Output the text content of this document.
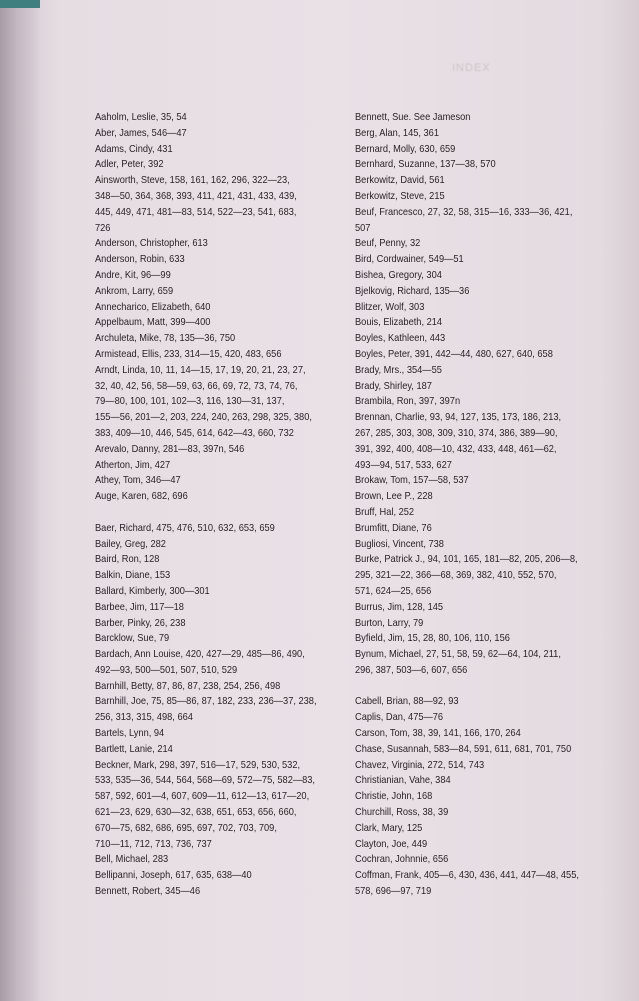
INDEX
Aaholm, Leslie, 35, 54
Aber, James, 546—47
Adams, Cindy, 431
Adler, Peter, 392
Ainsworth, Steve, 158, 161, 162, 296, 322—23,
348—50, 364, 368, 393, 411, 421, 431, 433, 439,
445, 449, 471, 481—83, 514, 522—23, 541, 683,
726
Anderson, Christopher, 613
Anderson, Robin, 633
Andre, Kit, 96—99
Ankrom, Larry, 659
Annecharico, Elizabeth, 640
Appelbaum, Matt, 399—400
Archuleta, Mike, 78, 135—36, 750
Armistead, Ellis, 233, 314—15, 420, 483, 656
Arndt, Linda, 10, 11, 14—15, 17, 19, 20, 21, 23, 27,
32, 40, 42, 56, 58—59, 63, 66, 69, 72, 73, 74, 76,
79—80, 100, 101, 102—3, 116, 130—31, 137,
155—56, 201—2, 203, 224, 240, 263, 298, 325, 380,
383, 409—10, 446, 545, 614, 642—43, 660, 732
Arevalo, Danny, 281—83, 397n, 546
Atherton, Jim, 427
Athey, Tom, 346—47
Auge, Karen, 682, 696
Baer, Richard, 475, 476, 510, 632, 653, 659
Bailey, Greg, 282
Baird, Ron, 128
Balkin, Diane, 153
Ballard, Kimberly, 300—301
Barbee, Jim, 117—18
Barber, Pinky, 26, 238
Barcklow, Sue, 79
Bardach, Ann Louise, 420, 427—29, 485—86, 490,
492—93, 500—501, 507, 510, 529
Barnhill, Betty, 87, 86, 87, 238, 254, 256, 498
Barnhill, Joe, 75, 85—86, 87, 182, 233, 236—37, 238,
256, 313, 315, 498, 664
Bartels, Lynn, 94
Bartlett, Lanie, 214
Beckner, Mark, 298, 397, 516—17, 529, 530, 532,
533, 535—36, 544, 564, 568—69, 572—75, 582—83,
587, 592, 601—4, 607, 609—11, 612—13, 617—20,
621—23, 629, 630—32, 638, 651, 653, 656, 660,
670—75, 682, 686, 695, 697, 702, 703, 709,
710—11, 712, 713, 736, 737
Bell, Michael, 283
Bellipanni, Joseph, 617, 635, 638—40
Bennett, Robert, 345—46
Bennett, Sue. See Jameson
Berg, Alan, 145, 361
Bernard, Molly, 630, 659
Bernhard, Suzanne, 137—38, 570
Berkowitz, David, 561
Berkowitz, Steve, 215
Beuf, Francesco, 27, 32, 58, 315—16, 333—36, 421,
507
Beuf, Penny, 32
Bird, Cordwainer, 549—51
Bishea, Gregory, 304
Bjelkovig, Richard, 135—36
Blitzer, Wolf, 303
Bouis, Elizabeth, 214
Boyles, Kathleen, 443
Boyles, Peter, 391, 442—44, 480, 627, 640, 658
Brady, Mrs., 354—55
Brady, Shirley, 187
Brambila, Ron, 397, 397n
Brennan, Charlie, 93, 94, 127, 135, 173, 186, 213,
267, 285, 303, 308, 309, 310, 374, 386, 389—90,
391, 392, 400, 408—10, 432, 433, 448, 461—62,
493—94, 517, 533, 627
Brokaw, Tom, 157—58, 537
Brown, Lee P., 228
Bruff, Hal, 252
Brumfitt, Diane, 76
Bugliosi, Vincent, 738
Burke, Patrick J., 94, 101, 165, 181—82, 205, 206—8,
295, 321—22, 366—68, 369, 382, 410, 552, 570,
571, 624—25, 656
Burrus, Jim, 128, 145
Burton, Larry, 79
Byfield, Jim, 15, 28, 80, 106, 110, 156
Bynum, Michael, 27, 51, 58, 59, 62—64, 104, 211,
296, 387, 503—6, 607, 656
Cabell, Brian, 88—92, 93
Caplis, Dan, 475—76
Carson, Tom, 38, 39, 141, 166, 170, 264
Chase, Susannah, 583—84, 591, 611, 681, 701, 750
Chavez, Virginia, 272, 514, 743
Christianian, Vahe, 384
Christie, John, 168
Churchill, Ross, 38, 39
Clark, Mary, 125
Clayton, Joe, 449
Cochran, Johnnie, 656
Coffman, Frank, 405—6, 430, 436, 441, 447—48, 455,
578, 696—97, 719
